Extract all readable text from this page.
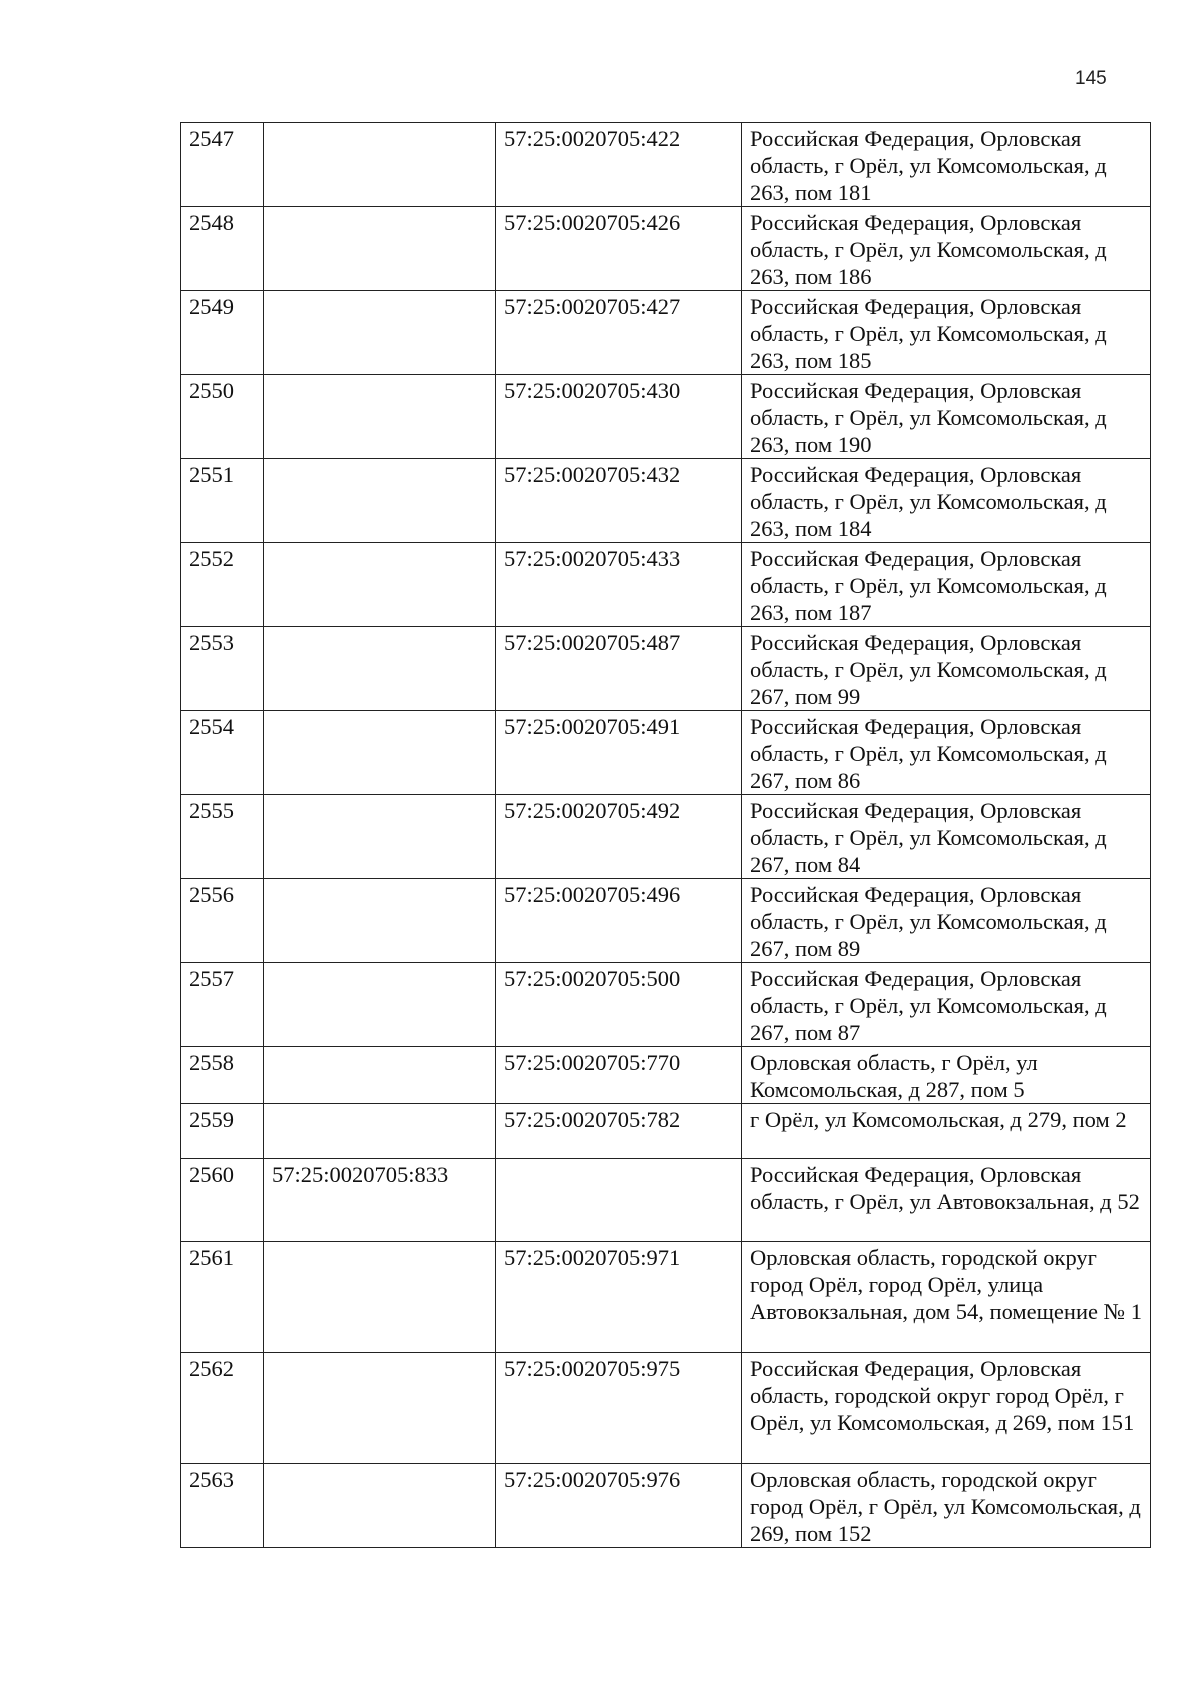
145
2547		57:25:0020705:422	Российская Федерация, Орловская область, г Орёл, ул Комсомольская, д 263, пом 181
2548		57:25:0020705:426	Российская Федерация, Орловская область, г Орёл, ул Комсомольская, д 263, пом 186
2549		57:25:0020705:427	Российская Федерация, Орловская область, г Орёл, ул Комсомольская, д 263, пом 185
2550		57:25:0020705:430	Российская Федерация, Орловская область, г Орёл, ул Комсомольская, д 263, пом 190
2551		57:25:0020705:432	Российская Федерация, Орловская область, г Орёл, ул Комсомольская, д 263, пом 184
2552		57:25:0020705:433	Российская Федерация, Орловская область, г Орёл, ул Комсомольская, д 263, пом 187
2553		57:25:0020705:487	Российская Федерация, Орловская область, г Орёл, ул Комсомольская, д 267, пом 99
2554		57:25:0020705:491	Российская Федерация, Орловская область, г Орёл, ул Комсомольская, д 267, пом 86
2555		57:25:0020705:492	Российская Федерация, Орловская область, г Орёл, ул Комсомольская, д 267, пом 84
2556		57:25:0020705:496	Российская Федерация, Орловская область, г Орёл, ул Комсомольская, д 267, пом 89
2557		57:25:0020705:500	Российская Федерация, Орловская область, г Орёл, ул Комсомольская, д 267, пом 87
2558		57:25:0020705:770	Орловская область, г Орёл, ул Комсомольская, д 287, пом 5
2559		57:25:0020705:782	г Орёл, ул Комсомольская, д 279, пом 2
2560	57:25:0020705:833		Российская Федерация, Орловская область, г Орёл, ул Автовокзальная, д 52
2561		57:25:0020705:971	Орловская область, городской округ город Орёл, город Орёл, улица Автовокзальная, дом 54, помещение № 1
2562		57:25:0020705:975	Российская Федерация, Орловская область, городской округ город Орёл, г Орёл, ул Комсомольская, д 269, пом 151
2563		57:25:0020705:976	Орловская область, городской округ город Орёл, г Орёл, ул Комсомольская, д 269, пом 152
